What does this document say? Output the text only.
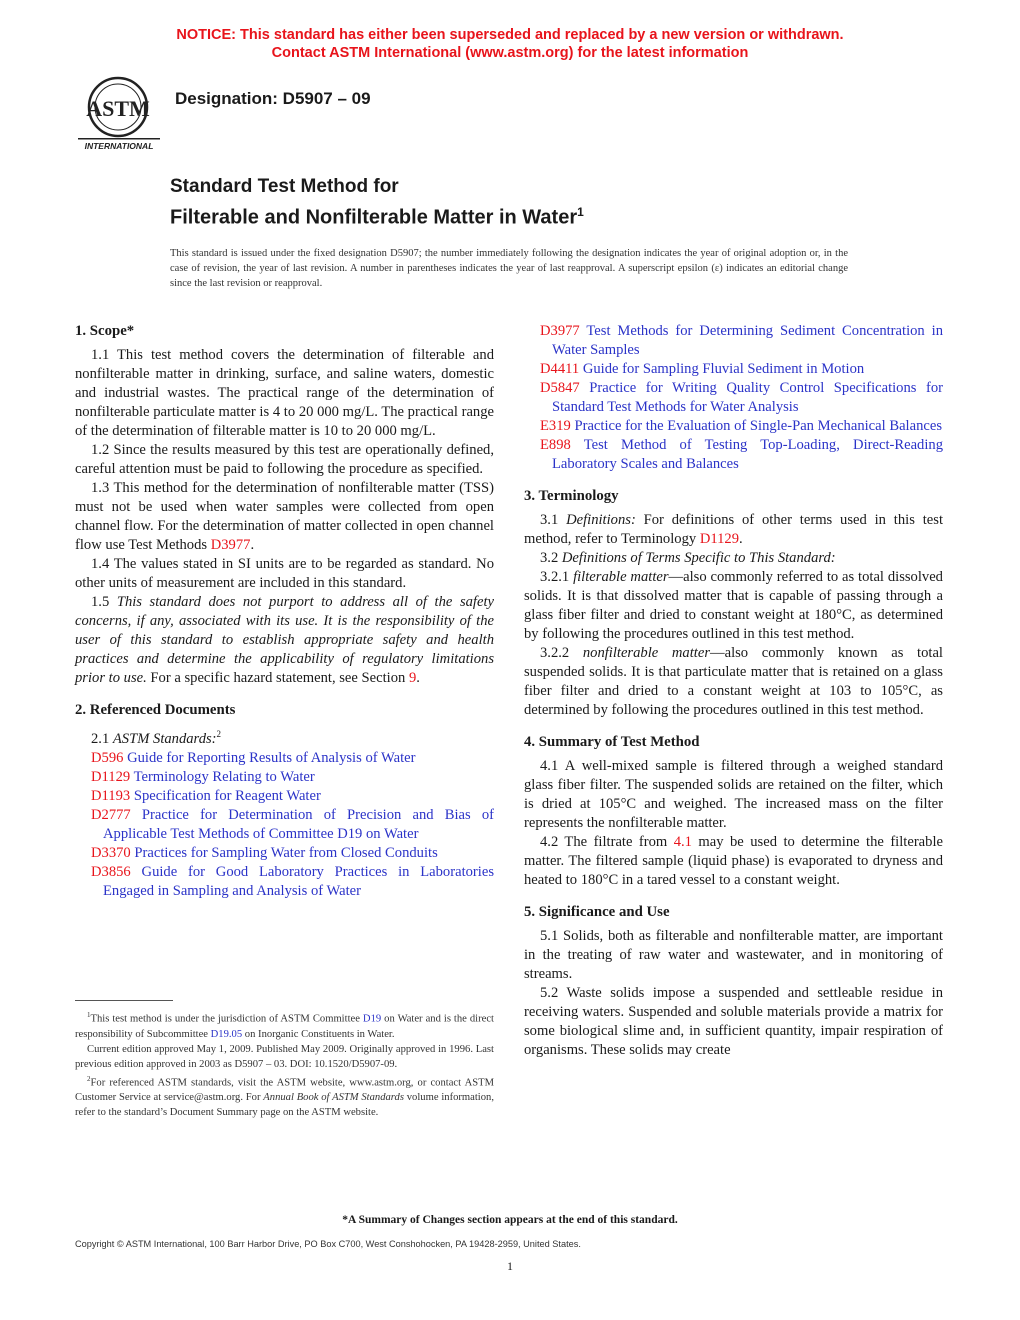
NOTICE: This standard has either been superseded and replaced by a new version or withdrawn.
Contact ASTM International (www.astm.org) for the latest information
ASTM
INTERNATIONAL
Designation: D5907 – 09
Standard Test Method for
Filterable and Nonfilterable Matter in Water$^1$
This standard is issued under the fixed designation D5907; the number immediately following the designation indicates the year of original adoption or, in the case of revision, the year of last revision. A number in parentheses indicates the year of last reapproval. A superscript epsilon (ε) indicates an editorial change since the last revision or reapproval.
1. Scope*

1.1 This test method covers the determination of filterable and nonfilterable matter in drinking, surface, and saline waters, domestic and industrial wastes. The practical range of the determination of nonfilterable particulate matter is 4 to 20 000 mg/L. The practical range of the determination of filterable matter is 10 to 20 000 mg/L.

1.2 Since the results measured by this test are operationally defined, careful attention must be paid to following the procedure as specified.

1.3 This method for the determination of nonfilterable matter (TSS) must not be used when water samples were collected from open channel flow. For the determination of matter collected in open channel flow use Test Methods D3977.

1.4 The values stated in SI units are to be regarded as standard. No other units of measurement are included in this standard.

1.5 This standard does not purport to address all of the safety concerns, if any, associated with its use. It is the responsibility of the user of this standard to establish appropriate safety and health practices and determine the applicability of regulatory limitations prior to use. For a specific hazard statement, see Section 9.

2. Referenced Documents

2.1 ASTM Standards:$^2$

D596 Guide for Reporting Results of Analysis of Water

D1129 Terminology Relating to Water

D1193 Specification for Reagent Water

D2777 Practice for Determination of Precision and Bias of Applicable Test Methods of Committee D19 on Water

D3370 Practices for Sampling Water from Closed Conduits

D3856 Guide for Good Laboratory Practices in Laboratories Engaged in Sampling and Analysis of Water

D3977 Test Methods for Determining Sediment Concentration in Water Samples

D4411 Guide for Sampling Fluvial Sediment in Motion

D5847 Practice for Writing Quality Control Specifications for Standard Test Methods for Water Analysis

E319 Practice for the Evaluation of Single-Pan Mechanical Balances

E898 Test Method of Testing Top-Loading, Direct-Reading Laboratory Scales and Balances

3. Terminology

3.1 Definitions: For definitions of other terms used in this test method, refer to Terminology D1129.

3.2 Definitions of Terms Specific to This Standard:

3.2.1 filterable matter—also commonly referred to as total dissolved solids. It is that dissolved matter that is capable of passing through a glass fiber filter and dried to constant weight at 180°C, as determined by following the procedures outlined in this test method.

3.2.2 nonfilterable matter—also commonly known as total suspended solids. It is that particulate matter that is retained on a glass fiber filter and dried to a constant weight at 103 to 105°C, as determined by following the procedures outlined in this test method.

4. Summary of Test Method

4.1 A well-mixed sample is filtered through a weighed standard glass fiber filter. The suspended solids are retained on the filter, which is dried at 105°C and weighed. The increased mass on the filter represents the nonfilterable matter.

4.2 The filtrate from 4.1 may be used to determine the filterable matter. The filtered sample (liquid phase) is evaporated to dryness and heated to 180°C in a tared vessel to a constant weight.

5. Significance and Use

5.1 Solids, both as filterable and nonfilterable matter, are important in the treating of raw water and wastewater, and in monitoring of streams.

5.2 Waste solids impose a suspended and settleable residue in receiving waters. Suspended and soluble materials provide a matrix for some biological slime and, in sufficient quantity, impair respiration of organisms. These solids may create

$^1$This test method is under the jurisdiction of ASTM Committee D19 on Water and is the direct responsibility of Subcommittee D19.05 on Inorganic Constituents in Water.

Current edition approved May 1, 2009. Published May 2009. Originally approved in 1996. Last previous edition approved in 2003 as D5907 – 03. DOI: 10.1520/D5907-09.

$^2$For referenced ASTM standards, visit the ASTM website, www.astm.org, or contact ASTM Customer Service at service@astm.org. For Annual Book of ASTM Standards volume information, refer to the standard’s Document Summary page on the ASTM website.

*A Summary of Changes section appears at the end of this standard.
Copyright © ASTM International, 100 Barr Harbor Drive, PO Box C700, West Conshohocken, PA 19428-2959, United States.
1
